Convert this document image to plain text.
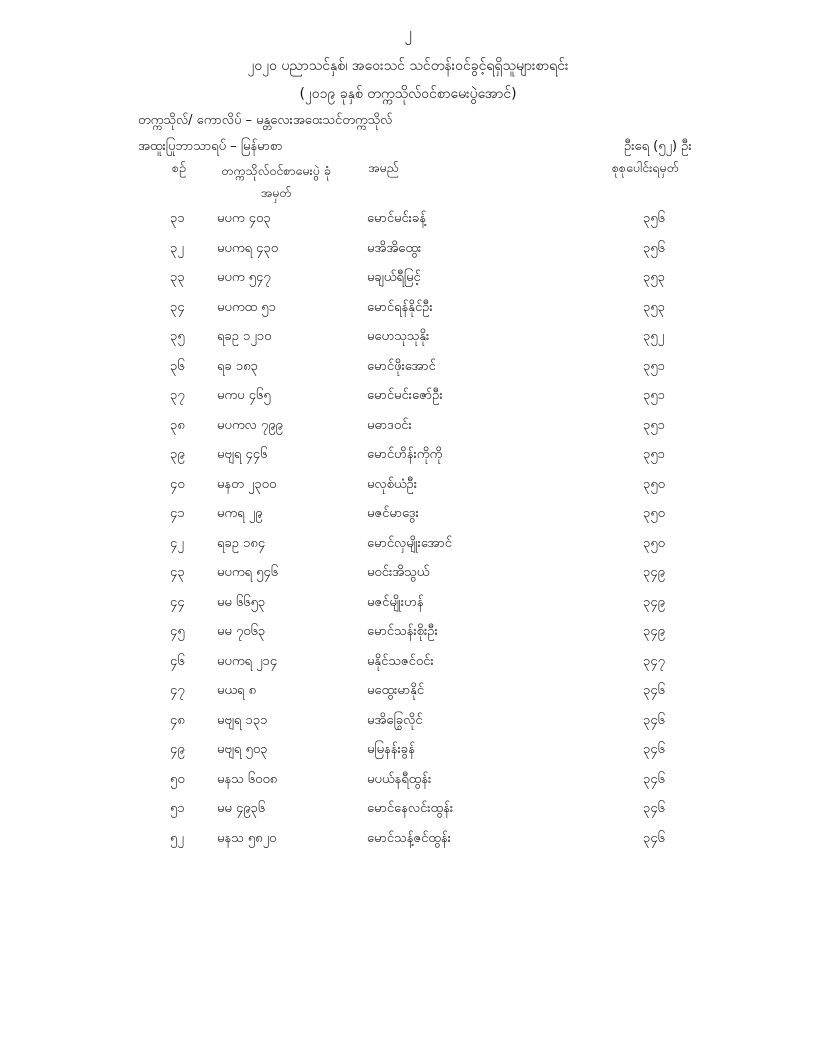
၂
၂၀၂၀ ပညာသင်နှစ်၊ အဝေးသင် သင်တန်းဝင်ခွင့်ရရှိသူများစာရင်း
(၂၀၁၉ ခုနှစ် တက္ကသိုလ်ဝင်စာမေးပွဲအောင်)
တက္ကသိုလ်/ ကောလိပ် – မန္တလေးအဝေးသင်တက္ကသိုလ်
အထူးပြုဘာသာရပ် – မြန်မာစာ	ဦးရေ (၅၂) ဦး
စဉ်	တက္ကသိုလ်ဝင်စာမေးပွဲ ခုံအမှတ်
အမည်	စုစုပေါင်းရမှတ်
၃၁	မပက ၄၀၃	မောင်မင်းခန့်	၃၅၆
၃၂	မပကရ ၄၃၀	မအိအိထွေး	၃၅၆
၃၃	မပက ၅၄၇	မချယ်ရီမြင့်	၃၅၃
၃၄	မပကထ ၅၁	မောင်ရန်နိုင်ဦး	၃၅၃
၃၅	ရခဥ ၁၂၁၀	မဟေသုသုနိုး	၃၅၂
၃၆	ရခ ၁၈၃	မောင်ဖိုးအောင်	၃၅၁
၃၇	မကပ ၄၆၅	မောင်မင်းဇော်ဦး	၃၅၁
၃၈	မပကလ ၇၉၉	မဓာဒဝင်း	၃၅၁
၃၉	မဗျရ ၄၄၆	မောင်ဟိန်းကိုကို	၃၅၁
၄၀	မနတ ၂၃၀၀	မလုစ်ယံဦး	၃၅၀
၄၁	မကရ ၂၉	မဇင်မာဒွေး	၃၅၀
၄၂	ရခဥ ၁၈၄	မောင်လှမျိုးအောင်	၃၅၀
၄၃	မပကရ ၅၄၆	မဝင်းအိသွယ်	၃၄၉
၄၄	မမ ၆၆၅၃	မဇင်မျိုးဟန်	၃၄၉
၄၅	မမ ၇၀၆၃	မောင်သန်းစိုးဦး	၃၄၉
၄၆	မပကရ ၂၁၄	မနိုင်သဇင်ဝင်း	၃၄၇
၄၇	မယရ ၈	မထွေးမာနိုင်	၃၄၆
၄၈	မဗျရ ၁၃၁	မအိခြွေလိုင်	၃၄၆
၄၉	မဗျရ ၅၀၃	မမြနန်းခွန်	၃၄၆
၅၀	မနသ ၆၀၀၈	မပယ်နရီထွန်း	၃၄၆
၅၁	မမ ၄၉၃၆	မောင်နေလင်းထွန်း	၃၄၆
၅၂	မနသ ၅၈၂၀	မောင်သန့်ဇင်ထွန်း	၃၄၆
